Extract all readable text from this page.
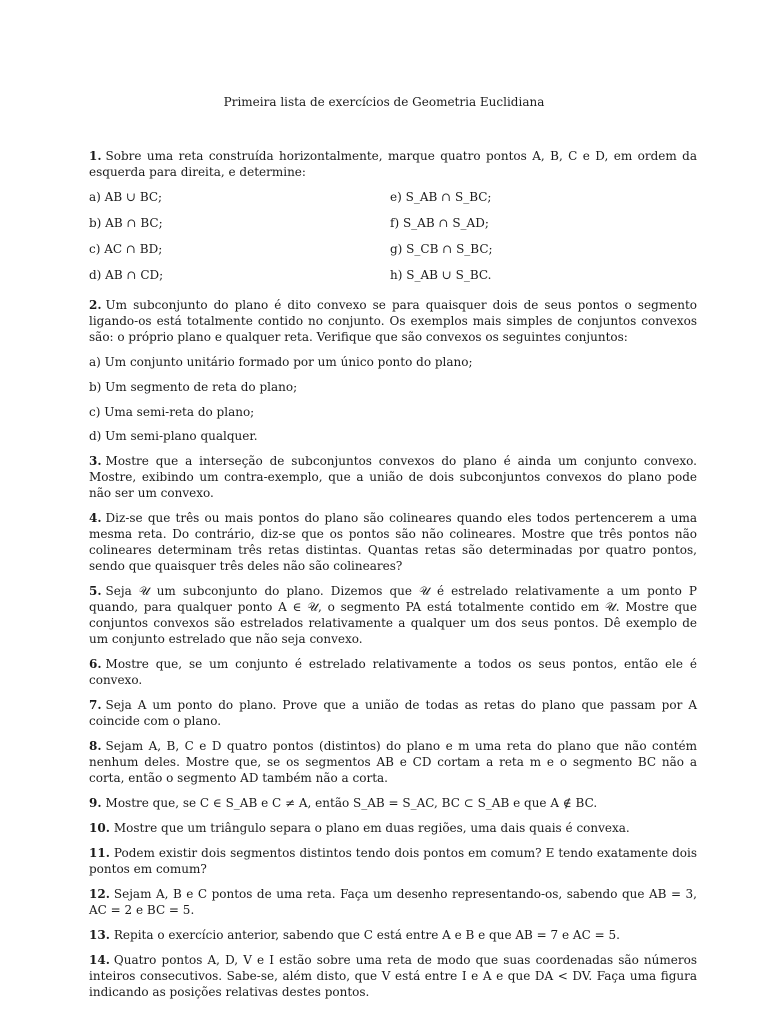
Primeira lista de exercícios de Geometria Euclidiana
1. Sobre uma reta construída horizontalmente, marque quatro pontos A, B, C e D, em ordem da esquerda para direita, e determine:
a) AB ∪ BC;	e) S_AB ∩ S_BC;
b) AB ∩ BC;	f) S_AB ∩ S_AD;
c) AC ∩ BD;	g) S_CB ∩ S_BC;
d) AB ∩ CD;	h) S_AB ∪ S_BC.
2. Um subconjunto do plano é dito convexo se para quaisquer dois de seus pontos o segmento ligando-os está totalmente contido no conjunto. Os exemplos mais simples de conjuntos convexos são: o próprio plano e qualquer reta. Verifique que são convexos os seguintes conjuntos:
a) Um conjunto unitário formado por um único ponto do plano;
b) Um segmento de reta do plano;
c) Uma semi-reta do plano;
d) Um semi-plano qualquer.
3. Mostre que a interseção de subconjuntos convexos do plano é ainda um conjunto convexo. Mostre, exibindo um contra-exemplo, que a união de dois subconjuntos convexos do plano pode não ser um convexo.
4. Diz-se que três ou mais pontos do plano são colineares quando eles todos pertencerem a uma mesma reta. Do contrário, diz-se que os pontos são não colineares. Mostre que três pontos não colineares determinam três retas distintas. Quantas retas são determinadas por quatro pontos, sendo que quaisquer três deles não são colineares?
5. Seja 𝒰 um subconjunto do plano. Dizemos que 𝒰 é estrelado relativamente a um ponto P quando, para qualquer ponto A ∈ 𝒰, o segmento PA está totalmente contido em 𝒰. Mostre que conjuntos convexos são estrelados relativamente a qualquer um dos seus pontos. Dê exemplo de um conjunto estrelado que não seja convexo.
6. Mostre que, se um conjunto é estrelado relativamente a todos os seus pontos, então ele é convexo.
7. Seja A um ponto do plano. Prove que a união de todas as retas do plano que passam por A coincide com o plano.
8. Sejam A, B, C e D quatro pontos (distintos) do plano e m uma reta do plano que não contém nenhum deles. Mostre que, se os segmentos AB e CD cortam a reta m e o segmento BC não a corta, então o segmento AD também não a corta.
9. Mostre que, se C ∈ S_AB e C ≠ A, então S_AB = S_AC, BC ⊂ S_AB e que A ∉ BC.
10. Mostre que um triângulo separa o plano em duas regiões, uma dais quais é convexa.
11. Podem existir dois segmentos distintos tendo dois pontos em comum? E tendo exatamente dois pontos em comum?
12. Sejam A, B e C pontos de uma reta. Faça um desenho representando-os, sabendo que AB = 3, AC = 2 e BC = 5.
13. Repita o exercício anterior, sabendo que C está entre A e B e que AB = 7 e AC = 5.
14. Quatro pontos A, D, V e I estão sobre uma reta de modo que suas coordenadas são números inteiros consecutivos. Sabe-se, além disto, que V está entre I e A e que DA < DV. Faça uma figura indicando as posições relativas destes pontos.
